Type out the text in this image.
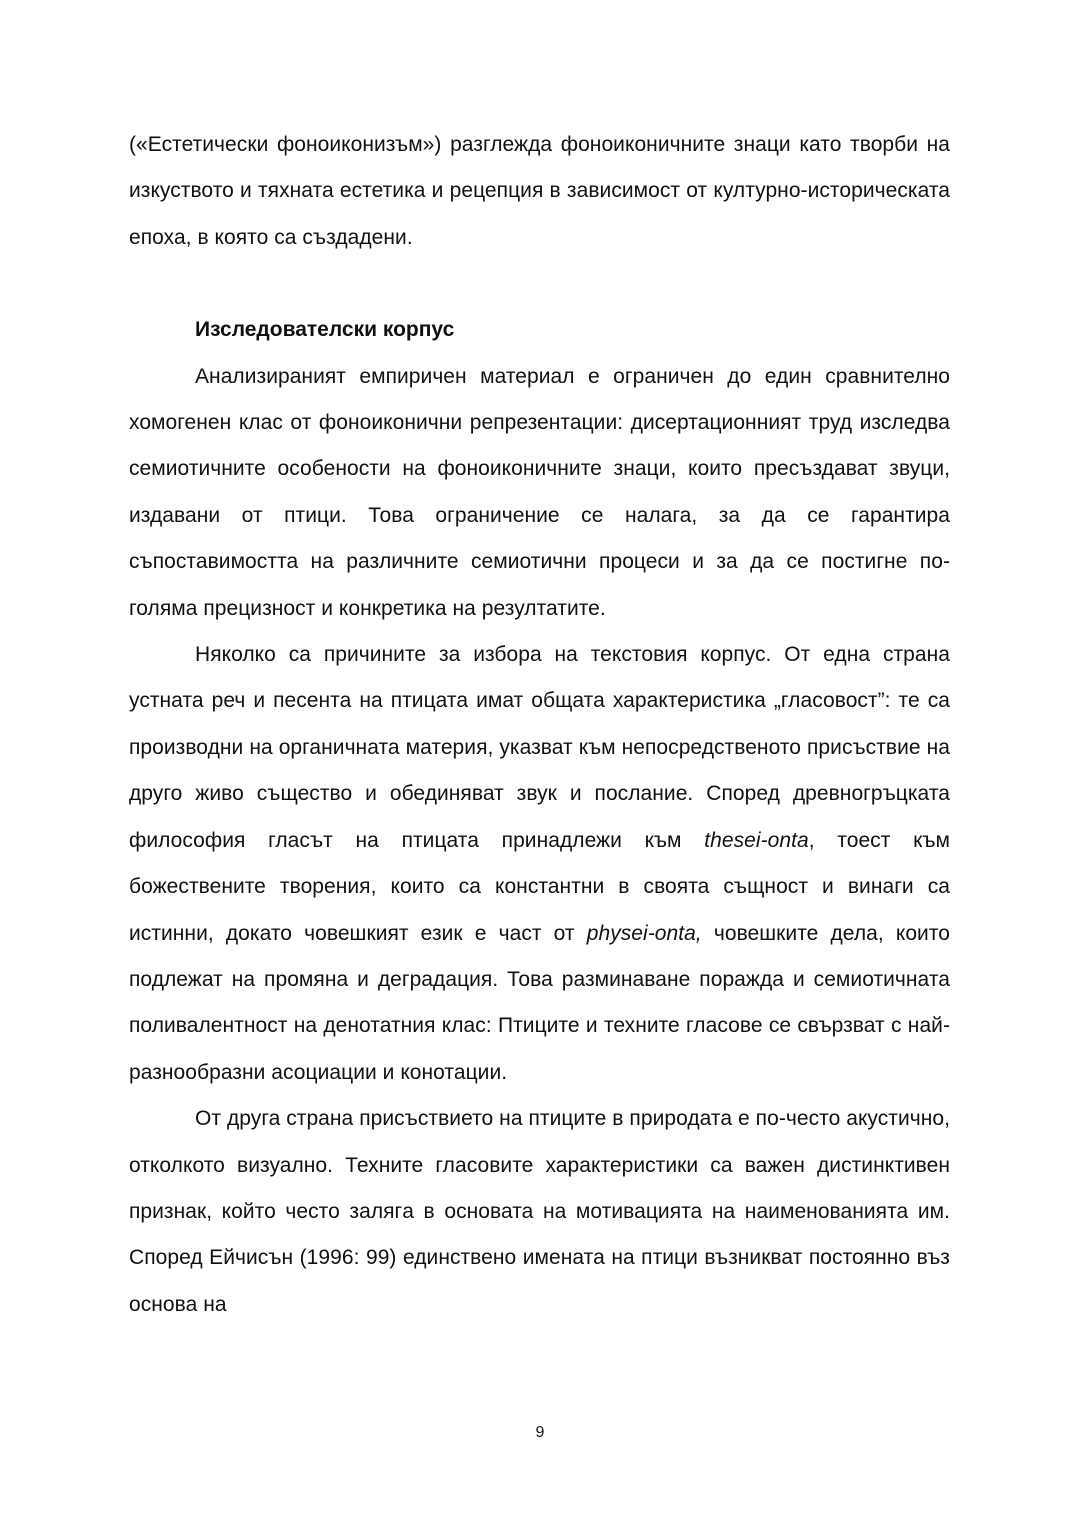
(«Естетически фоноиконизъм») разглежда фоноиконичните знаци като творби на изкуството и тяхната естетика и рецепция в зависимост от културно-историческата епоха, в която са създадени.

Изследователски корпус

Анализираният емпиричен материал е ограничен до един сравнително хомогенен клас от фоноиконични репрезентации: дисертационният труд изследва семиотичните особености на фоноиконичните знаци, които пресъздават звуци, издавани от птици. Това ограничение се налага, за да се гарантира съпоставимостта на различните семиотични процеси и за да се постигне по-голяма прецизност и конкретика на резултатите.

Няколко са причините за избора на текстовия корпус. От една страна устната реч и песента на птицата имат общата характеристика „гласовост”: те са производни на органичната материя, указват към непосредственото присъствие на друго живо същество и обединяват звук и послание. Според древногръцката философия гласът на птицата принадлежи към thesei-onta, тоест към божествените творения, които са константни в своята същност и винаги са истинни, докато човешкият език е част от physei-onta, човешките дела, които подлежат на промяна и деградация. Това разминаване поражда и семиотичната поливалентност на денотатния клас: Птиците и техните гласове се свързват с най-разнообразни асоциации и конотации.

От друга страна присъствието на птиците в природата е по-често акустично, отколкото визуално. Техните гласовите характеристики са важен дистинктивен признак, който често залягa в основата на мотивацията на наименованията им. Според Ейчисън (1996: 99) единствено имената на птици възникват постоянно въз основа на

9
